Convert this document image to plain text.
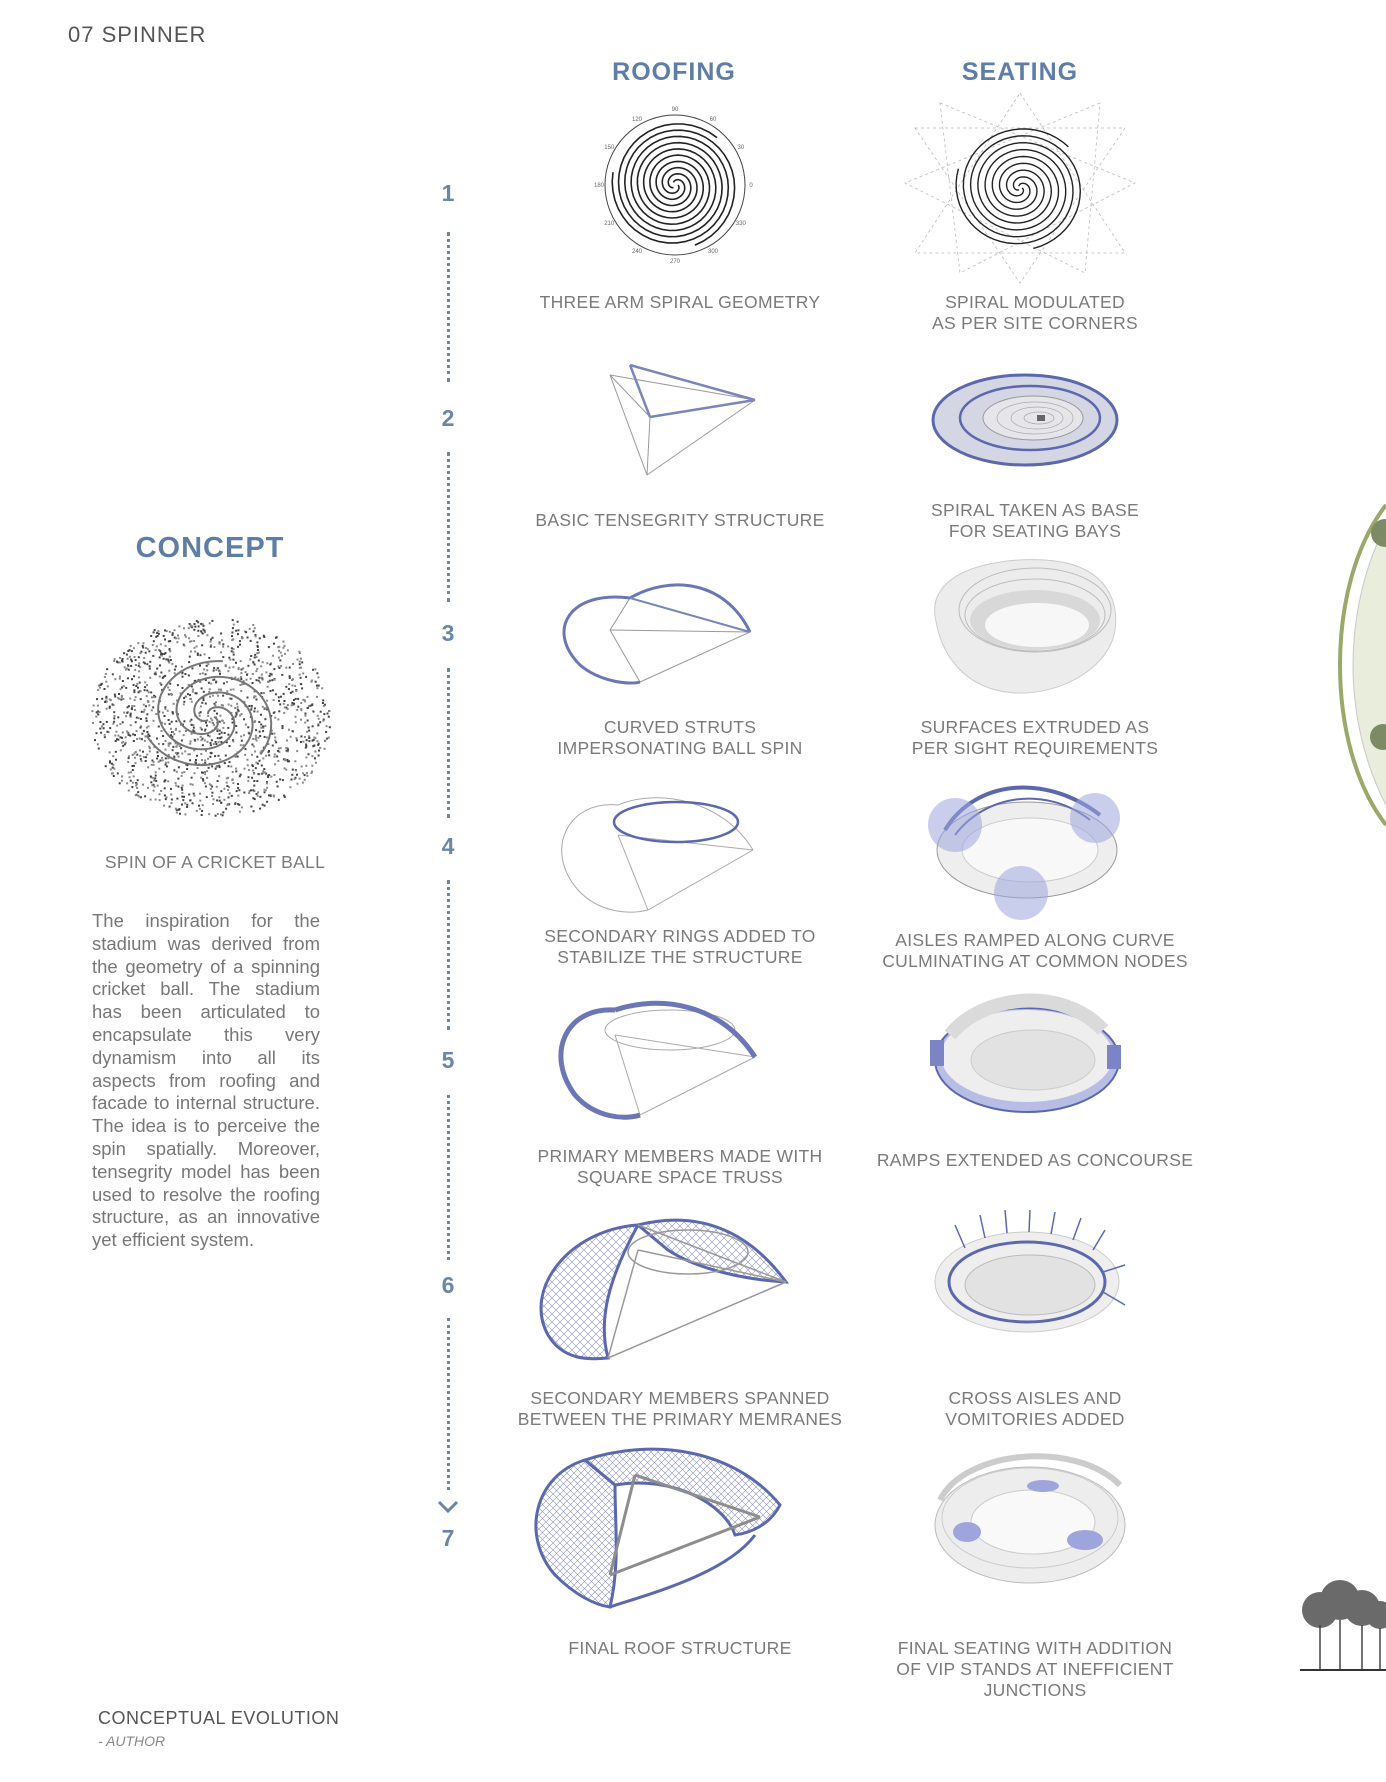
07 SPINNER
ROOFING	SEATING
CONCEPT
SPIN OF A CRICKET BALL
The inspiration for the stadium was derived from the geometry of a spinning cricket ball. The stadium has been articulated to encapsulate this very dynamism into all its aspects from roofing and facade to internal structure. The idea is to perceive the spin spatially. Moreover, tensegrity model has been used to resolve the roofing structure, as an innovative yet efficient system.
1
2
3
4
5
6
7
90
60
30
0
330
300
270
240
210
180
150
120
THREE ARM SPIRAL GEOMETRY	SPIRAL MODULATED
AS PER SITE CORNERS
BASIC TENSEGRITY STRUCTURE	SPIRAL TAKEN AS BASE
FOR SEATING BAYS
CURVED STRUTS
IMPERSONATING BALL SPIN
SURFACES EXTRUDED AS
PER SIGHT REQUIREMENTS
SECONDARY RINGS ADDED TO
STABILIZE THE STRUCTURE
AISLES RAMPED ALONG CURVE
CULMINATING AT COMMON NODES
PRIMARY MEMBERS MADE WITH
SQUARE SPACE TRUSS
RAMPS EXTENDED AS CONCOURSE
SECONDARY MEMBERS SPANNED
BETWEEN THE PRIMARY MEMRANES
CROSS AISLES AND
VOMITORIES ADDED
FINAL ROOF STRUCTURE	FINAL SEATING WITH ADDITION
OF VIP STANDS AT INEFFICIENT
JUNCTIONS
CONCEPTUAL EVOLUTION
- AUTHOR
